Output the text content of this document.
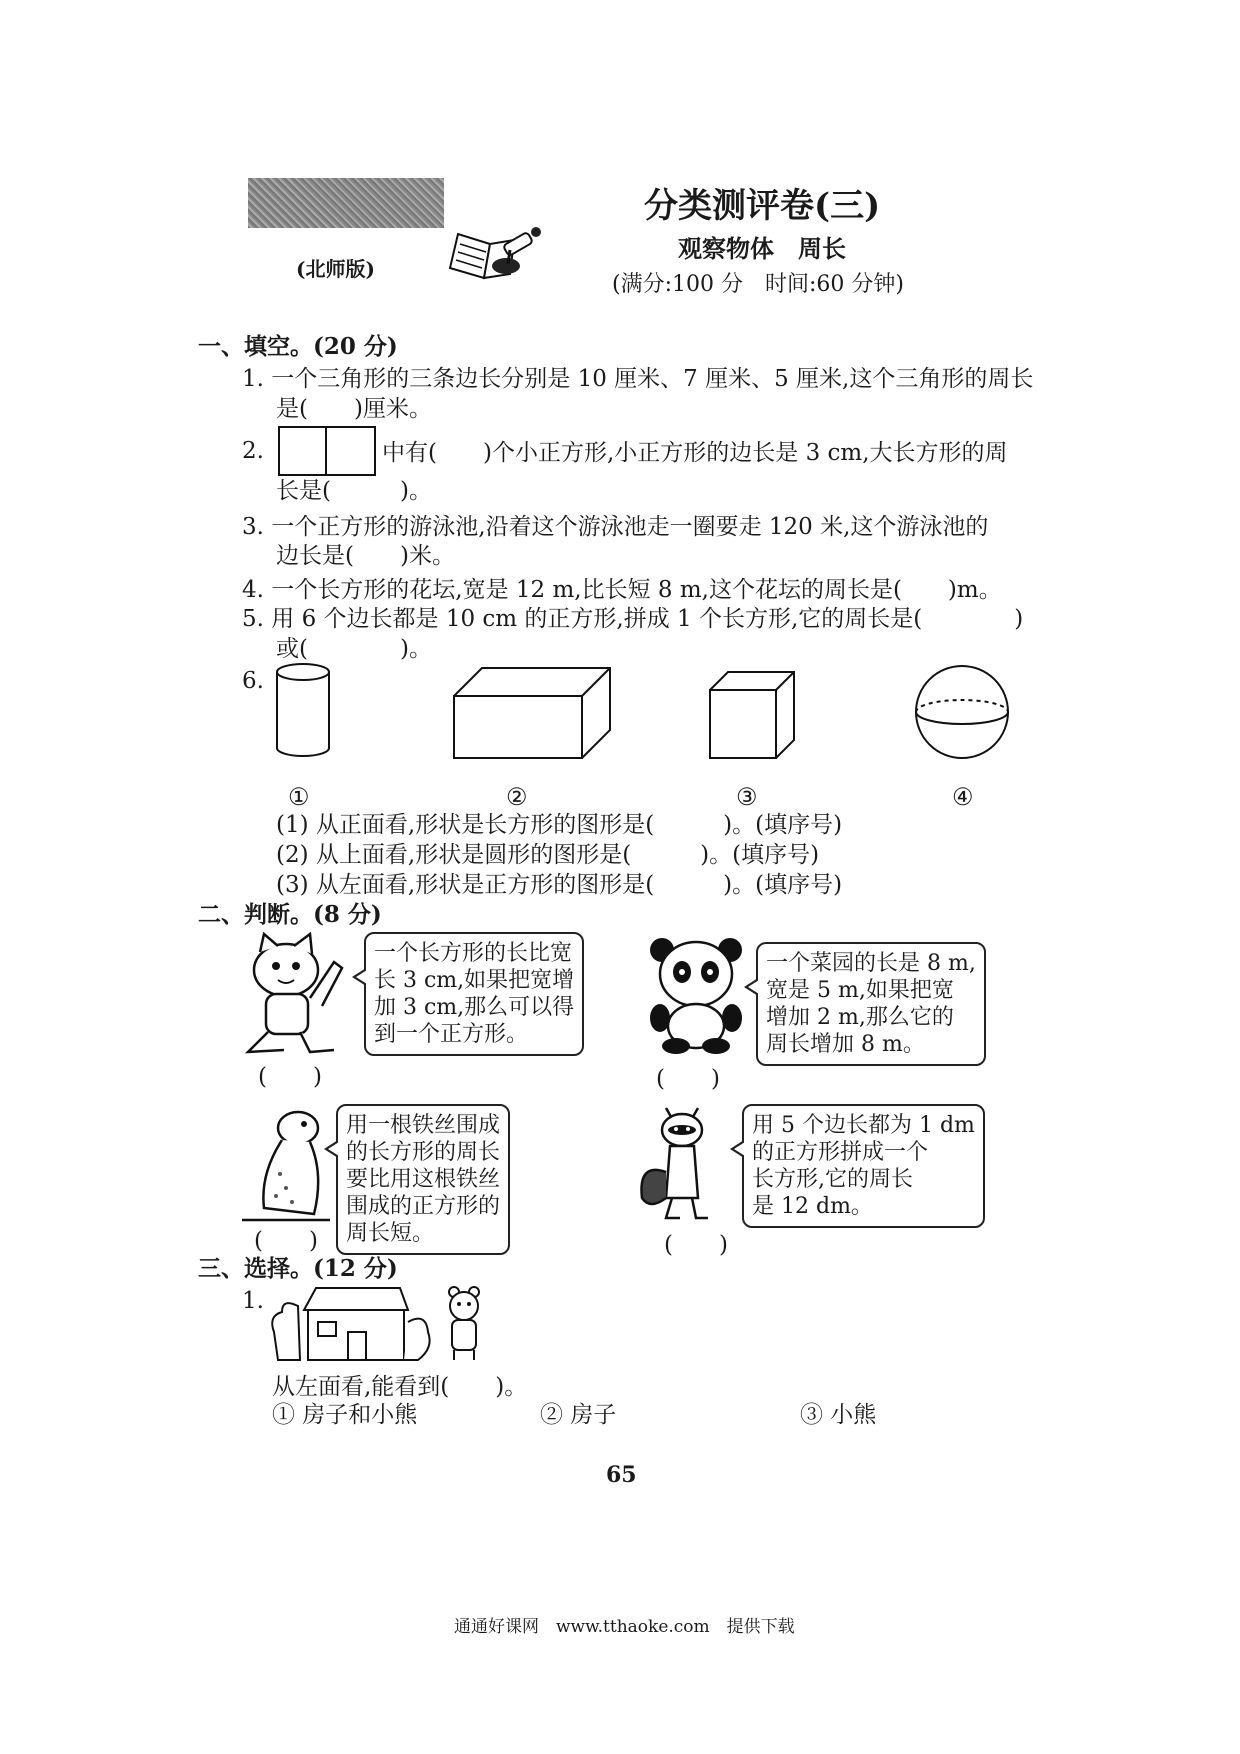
(北师版)
分类测评卷(三)
观察物体　周长
(满分:100 分　时间:60 分钟)
一、填空。(20 分)
1. 一个三角形的三条边长分别是 10 厘米、7 厘米、5 厘米,这个三角形的周长
是(　　)厘米。
2.	中有(　　)个小正方形,小正方形的边长是 3 cm,大长方形的周
长是(　　　)。
3. 一个正方形的游泳池,沿着这个游泳池走一圈要走 120 米,这个游泳池的
边长是(　　)米。
4. 一个长方形的花坛,宽是 12 m,比长短 8 m,这个花坛的周长是(　　)m。
5. 用 6 个边长都是 10 cm 的正方形,拼成 1 个长方形,它的周长是(　　　　)
或(　　　　)。
6.
①	②	③	④
(1) 从正面看,形状是长方形的图形是(　　　)。(填序号)
(2) 从上面看,形状是圆形的图形是(　　　)。(填序号)
(3) 从左面看,形状是正方形的图形是(　　　)。(填序号)
二、判断。(8 分)
一个长方形的长比宽
长 3 cm,如果把宽增
加 3 cm,那么可以得
到一个正方形。
(　　)
一个菜园的长是 8 m,
宽是 5 m,如果把宽
增加 2 m,那么它的
周长增加 8 m。
(　　)
用一根铁丝围成
的长方形的周长
要比用这根铁丝
围成的正方形的
周长短。
(　　)
用 5 个边长都为 1 dm
的正方形拼成一个
长方形,它的周长
是 12 dm。
(　　)
三、选择。(12 分)
1.
从左面看,能看到(　　)。
① 房子和小熊	② 房子	③ 小熊
65
通通好课网　www.tthaoke.com　提供下载
